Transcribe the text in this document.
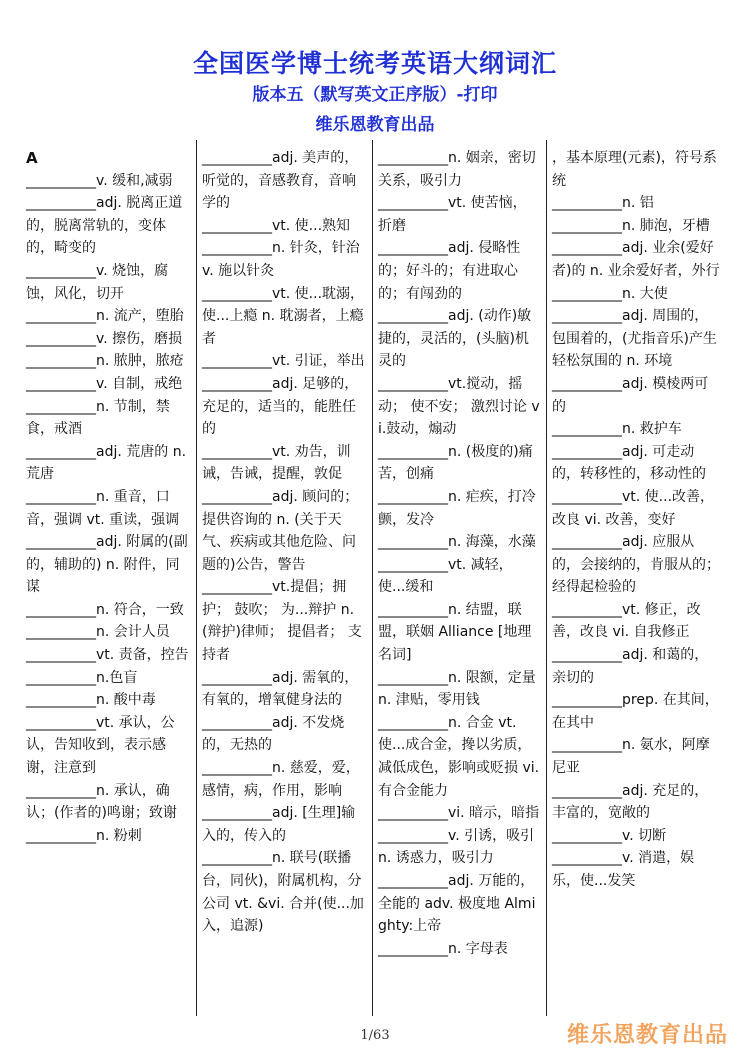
全国医学博士统考英语大纲词汇
版本五（默写英文正序版）-打印
维乐恩教育出品

A

__________v. 缓和,减弱

__________adj. 脱离正道的，脱离常轨的，变体的，畸变的

__________v. 烧蚀，腐蚀，风化，切开

__________n. 流产，堕胎

__________v. 擦伤，磨损

__________n. 脓肿，脓疮

__________v. 自制，戒绝

__________n. 节制，禁食，戒酒

__________adj. 荒唐的 n. 荒唐

__________n. 重音，口音，强调 vt. 重读，强调

__________adj. 附属的(副的，辅助的) n. 附件，同谋

__________n. 符合，一致

__________n. 会计人员

__________vt. 责备，控告

__________n.色盲

__________n. 酸中毒

__________vt. 承认，公认，告知收到，表示感谢，注意到

__________n. 承认，确认；(作者的)鸣谢；致谢

__________n. 粉刺

__________adj. 美声的，听觉的，音感教育，音响学的

__________vt. 使...熟知

__________n. 针灸，针治 v. 施以针灸

__________vt. 使...耽溺，使...上瘾 n. 耽溺者，上瘾者

__________vt. 引证，举出

__________adj. 足够的，充足的，适当的，能胜任的

__________vt. 劝告，训诫，告诫，提醒，敦促

__________adj. 顾问的；提供咨询的 n. (关于天气、疾病或其他危险、问题的)公告，警告

__________vt.提倡；拥护； 鼓吹； 为...辩护 n.(辩护)律师； 提倡者； 支持者

__________adj. 需氧的，有氧的，增氧健身法的

__________adj. 不发烧的，无热的

__________n. 慈爱，爱，感情，病，作用，影响

__________adj. [生理]输入的，传入的

__________n. 联号(联播台，同伙)，附属机构，分公司 vt. &vi. 合并(使...加入，追源)

__________n. 姻亲，密切关系，吸引力

__________vt. 使苦恼，折磨

__________adj. 侵略性的；好斗的；有进取心的；有闯劲的

__________adj. (动作)敏捷的，灵活的，(头脑)机灵的

__________vt.搅动，摇动； 使不安； 激烈讨论 vi.鼓动，煽动

__________n. (极度的)痛苦，创痛

__________n. 疟疾，打冷颤，发冷

__________n. 海藻，水藻

__________vt. 减轻，使...缓和

__________n. 结盟，联盟，联姻 Alliance [地理名词]

__________n. 限额，定量 n. 津贴，零用钱

__________n. 合金 vt. 使...成合金，搀以劣质，减低成色，影响或贬损 vi. 有合金能力

__________vi. 暗示，暗指

__________v. 引诱，吸引 n. 诱惑力，吸引力

__________adj. 万能的，全能的 adv. 极度地 Almighty:上帝

__________n. 字母表

，基本原理(元素)，符号系统

__________n. 铝

__________n. 肺泡，牙槽

__________adj. 业余(爱好者)的 n. 业余爱好者，外行

__________n. 大使

__________adj. 周围的，包围着的，(尤指音乐)产生轻松氛围的 n. 环境

__________adj. 模棱两可的

__________n. 救护车

__________adj. 可走动的，转移性的，移动性的

__________vt. 使...改善，改良 vi. 改善，变好

__________adj. 应服从的，会接纳的，肯服从的；经得起检验的

__________vt. 修正，改善，改良 vi. 自我修正

__________adj. 和蔼的，亲切的

__________prep. 在其间，在其中

__________n. 氨水，阿摩尼亚

__________adj. 充足的，丰富的，宽敞的

__________v. 切断

__________v. 消遣，娱乐，使...发笑

1/63	维乐恩教育出品
